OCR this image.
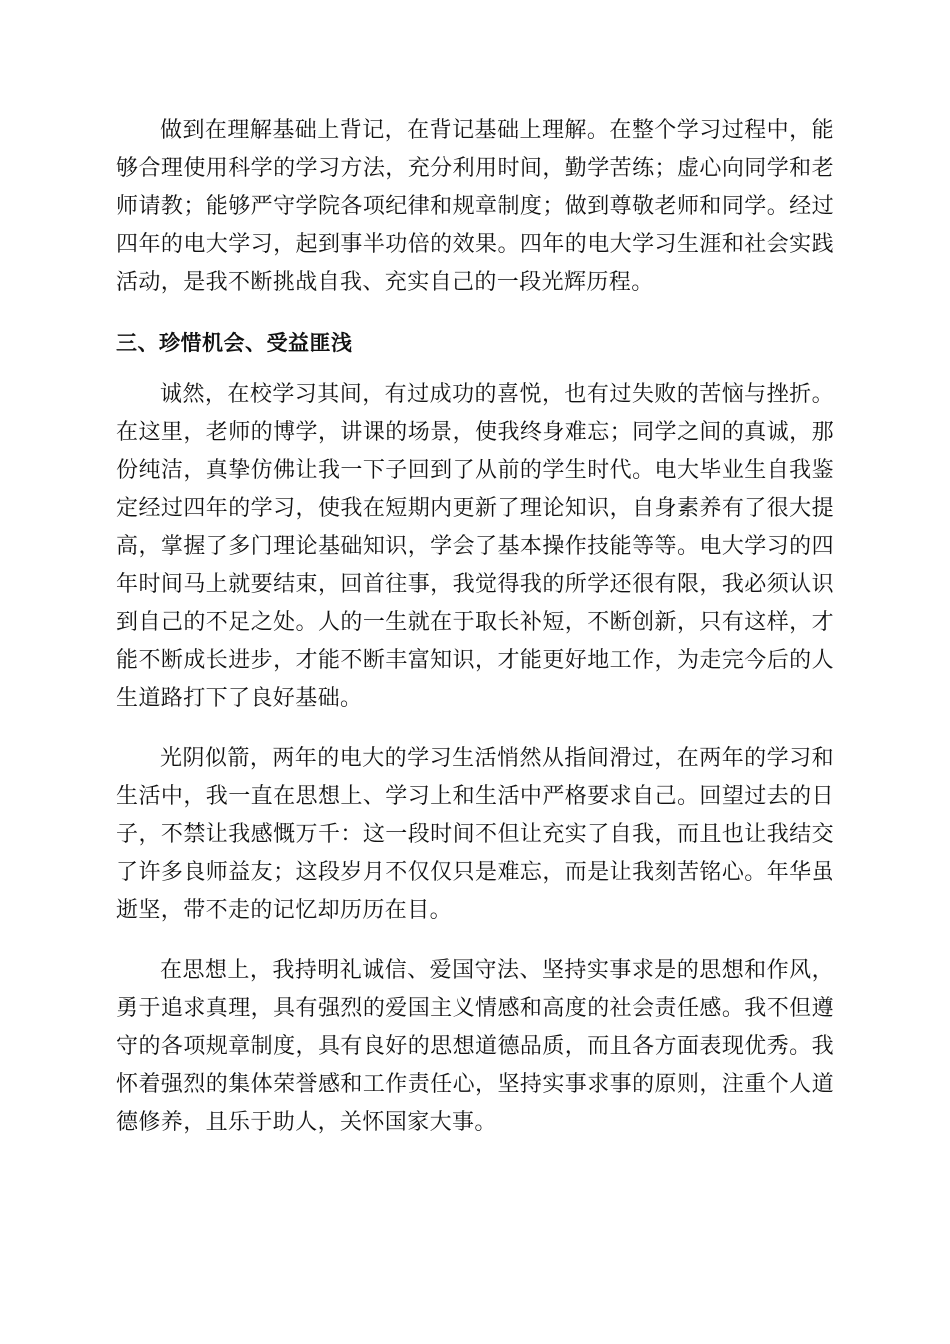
做到在理解基础上背记，在背记基础上理解。在整个学习过程中，能够合理使用科学的学习方法，充分利用时间，勤学苦练；虚心向同学和老师请教；能够严守学院各项纪律和规章制度；做到尊敬老师和同学。经过四年的电大学习，起到事半功倍的效果。四年的电大学习生涯和社会实践活动，是我不断挑战自我、充实自己的一段光辉历程。

三、珍惜机会、受益匪浅

诚然，在校学习其间，有过成功的喜悦，也有过失败的苦恼与挫折。在这里，老师的博学，讲课的场景，使我终身难忘；同学之间的真诚，那份纯洁，真挚仿佛让我一下子回到了从前的学生时代。电大毕业生自我鉴定经过四年的学习，使我在短期内更新了理论知识，自身素养有了很大提高，掌握了多门理论基础知识，学会了基本操作技能等等。电大学习的四年时间马上就要结束，回首往事，我觉得我的所学还很有限，我必须认识到自己的不足之处。人的一生就在于取长补短，不断创新，只有这样，才能不断成长进步，才能不断丰富知识，才能更好地工作，为走完今后的人生道路打下了良好基础。

光阴似箭，两年的电大的学习生活悄然从指间滑过，在两年的学习和生活中，我一直在思想上、学习上和生活中严格要求自己。回望过去的日子，不禁让我感慨万千：这一段时间不但让充实了自我，而且也让我结交了许多良师益友；这段岁月不仅仅只是难忘，而是让我刻苦铭心。年华虽逝坚，带不走的记忆却历历在目。

在思想上，我持明礼诚信、爱国守法、坚持实事求是的思想和作风，勇于追求真理，具有强烈的爱国主义情感和高度的社会责任感。我不但遵守的各项规章制度，具有良好的思想道德品质，而且各方面表现优秀。我怀着强烈的集体荣誉感和工作责任心，坚持实事求事的原则，注重个人道德修养，且乐于助人，关怀国家大事。
